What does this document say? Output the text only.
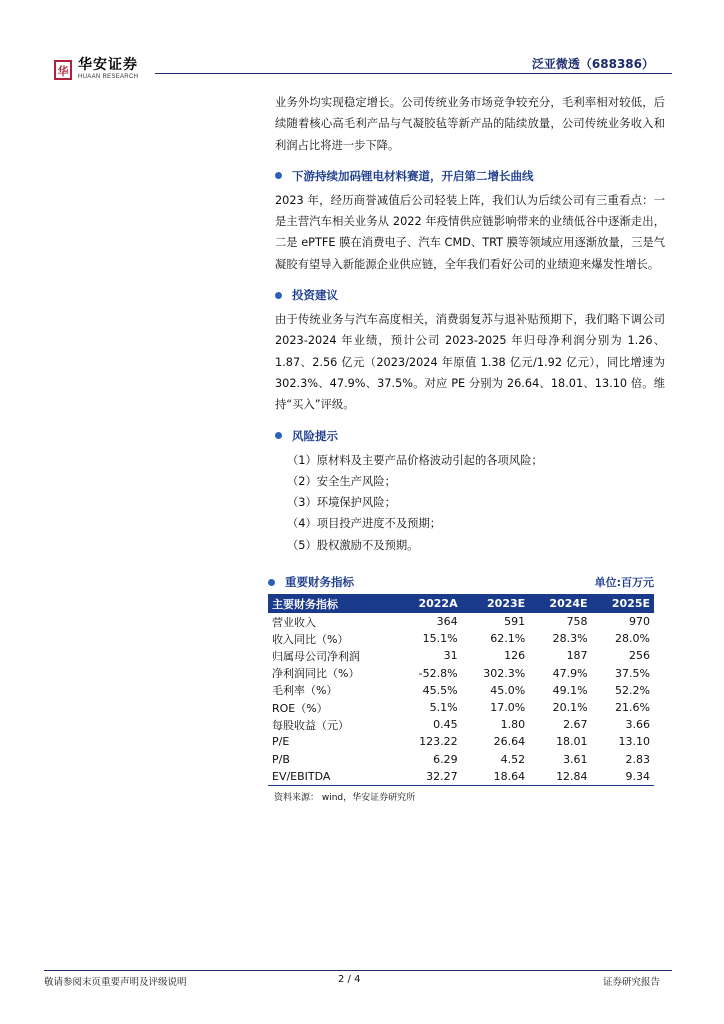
华 华安证券
HUAAN RESEARCH
泛亚微透（688386）

业务外均实现稳定增长。公司传统业务市场竞争较充分，毛利率相对较低，后续随着核心高毛利产品与气凝胶毡等新产品的陆续放量，公司传统业务收入和利润占比将进一步下降。

下游持续加码锂电材料赛道，开启第二增长曲线

2023 年，经历商誉减值后公司轻装上阵，我们认为后续公司有三重看点：一是主营汽车相关业务从 2022 年疫情供应链影响带来的业绩低谷中逐渐走出，二是 ePTFE 膜在消费电子、汽车 CMD、TRT 膜等领域应用逐渐放量，三是气凝胶有望导入新能源企业供应链，全年我们看好公司的业绩迎来爆发性增长。

投资建议

由于传统业务与汽车高度相关，消费弱复苏与退补贴预期下，我们略下调公司 2023-2024 年业绩，预计公司 2023-2025 年归母净利润分别为 1.26、1.87、2.56 亿元（2023/2024 年原值 1.38 亿元/1.92 亿元），同比增速为 302.3%、47.9%、37.5%。对应 PE 分别为 26.64、18.01、13.10 倍。维持“买入”评级。

风险提示
（1）原材料及主要产品价格波动引起的各项风险；
（2）安全生产风险；
（3）环境保护风险；
（4）项目投产进度不及预期；
（5）股权激励不及预期。
重要财务指标	单位:百万元
主要财务指标	2022A	2023E	2024E	2025E
营业收入	364	591	758	970
收入同比（%）	15.1%	62.1%	28.3%	28.0%
归属母公司净利润	31	126	187	256
净利润同比（%）	-52.8%	302.3%	47.9%	37.5%
毛利率（%）	45.5%	45.0%	49.1%	52.2%
ROE（%）	5.1%	17.0%	20.1%	21.6%
每股收益（元）	0.45	1.80	2.67	3.66
P/E	123.22	26.64	18.01	13.10
P/B	6.29	4.52	3.61	2.83
EV/EBITDA	32.27	18.64	12.84	9.34
资料来源： wind，华安证券研究所
敬请参阅末页重要声明及评级说明	2 / 4	证券研究报告
